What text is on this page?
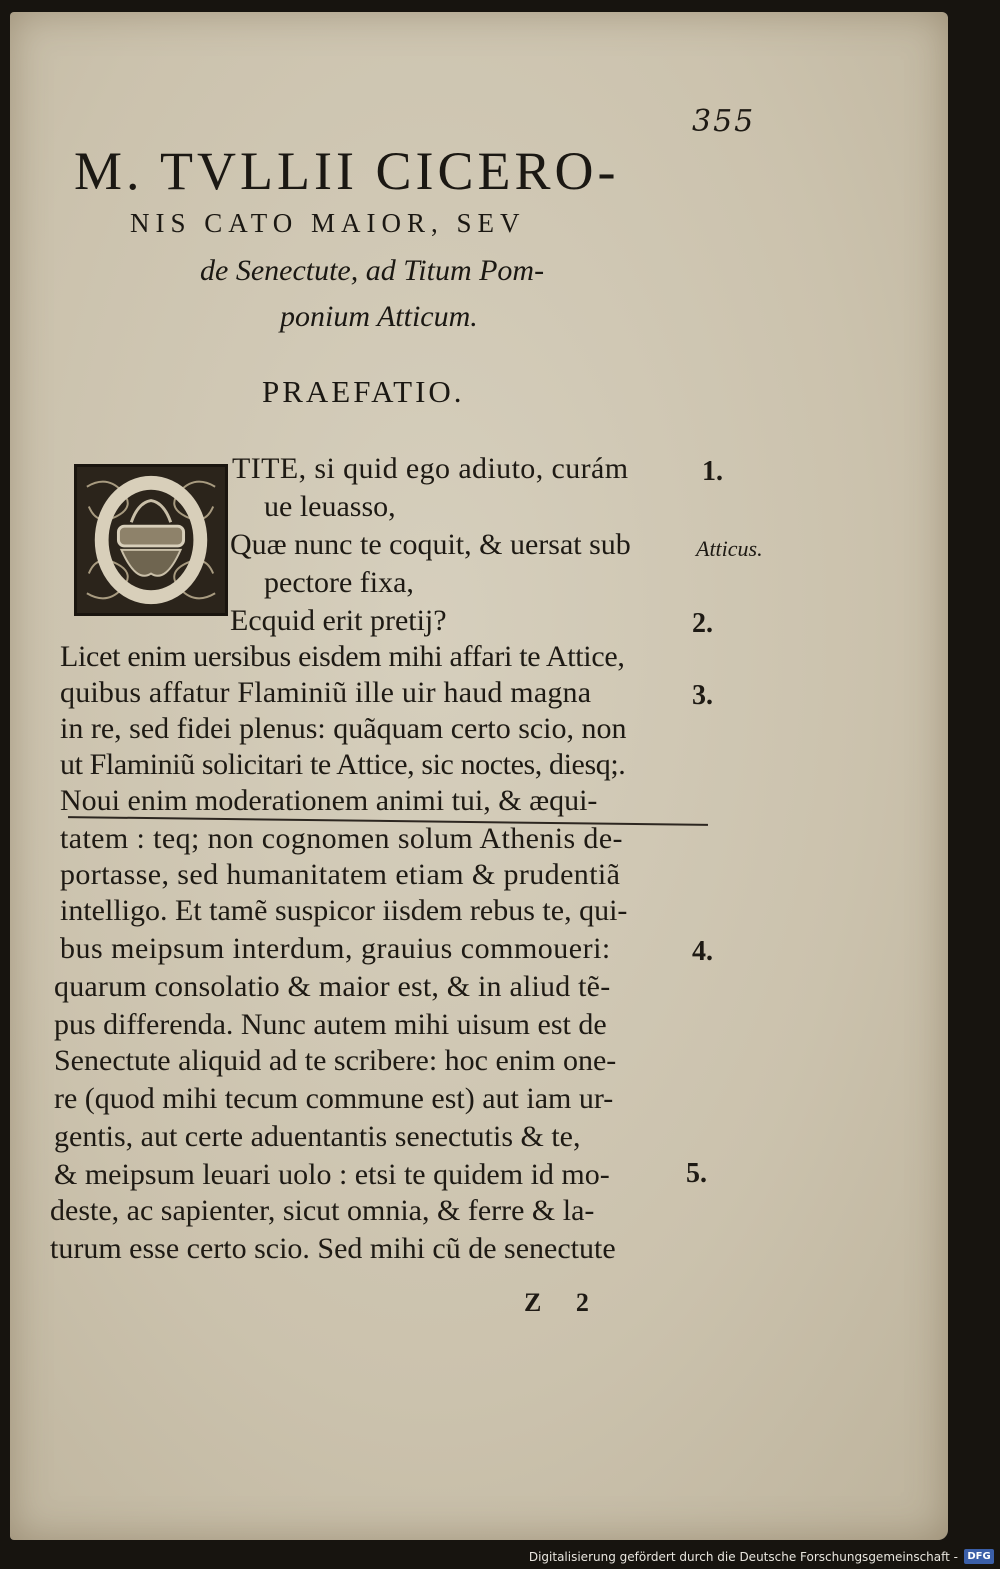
355
M. TVLLII CICERO-
NIS CATO MAIOR, SEV
de Senectute, ad Titum Pom-
ponium Atticum.
PRAEFATIO.
TITE, si quid ego adiuto, curám
ue leuasso,
Quæ nunc te coquit, & uersat sub
pectore fixa,
Ecquid erit pretij?
Licet enim uersibus eisdem mihi affari te Attice,
quibus affatur Flaminiũ ille uir haud magna
in re, sed fidei plenus: quãquam certo scio, non
ut Flaminiũ solicitari te Attice, sic noctes, diesq;.
Noui enim moderationem animi tui, & æqui-
tatem : teq; non cognomen solum Athenis de-
portasse, sed humanitatem etiam & prudentiã
intelligo. Et tamẽ suspicor iisdem rebus te, qui-
bus meipsum interdum, grauius commoueri:
quarum consolatio & maior est, & in aliud tẽ-
pus differenda. Nunc autem mihi uisum est de
Senectute aliquid ad te scribere: hoc enim one-
re (quod mihi tecum commune est) aut iam ur-
gentis, aut certe aduentantis senectutis & te,
& meipsum leuari uolo : etsi te quidem id mo-
deste, ac sapienter, sicut omnia, & ferre & la-
turum esse certo scio. Sed mihi cũ de senectute
1.
Atticus.
2.
3.
4.
5.
Z 2
Digitalisierung gefördert durch die Deutsche Forschungsgemeinschaft - DFG
